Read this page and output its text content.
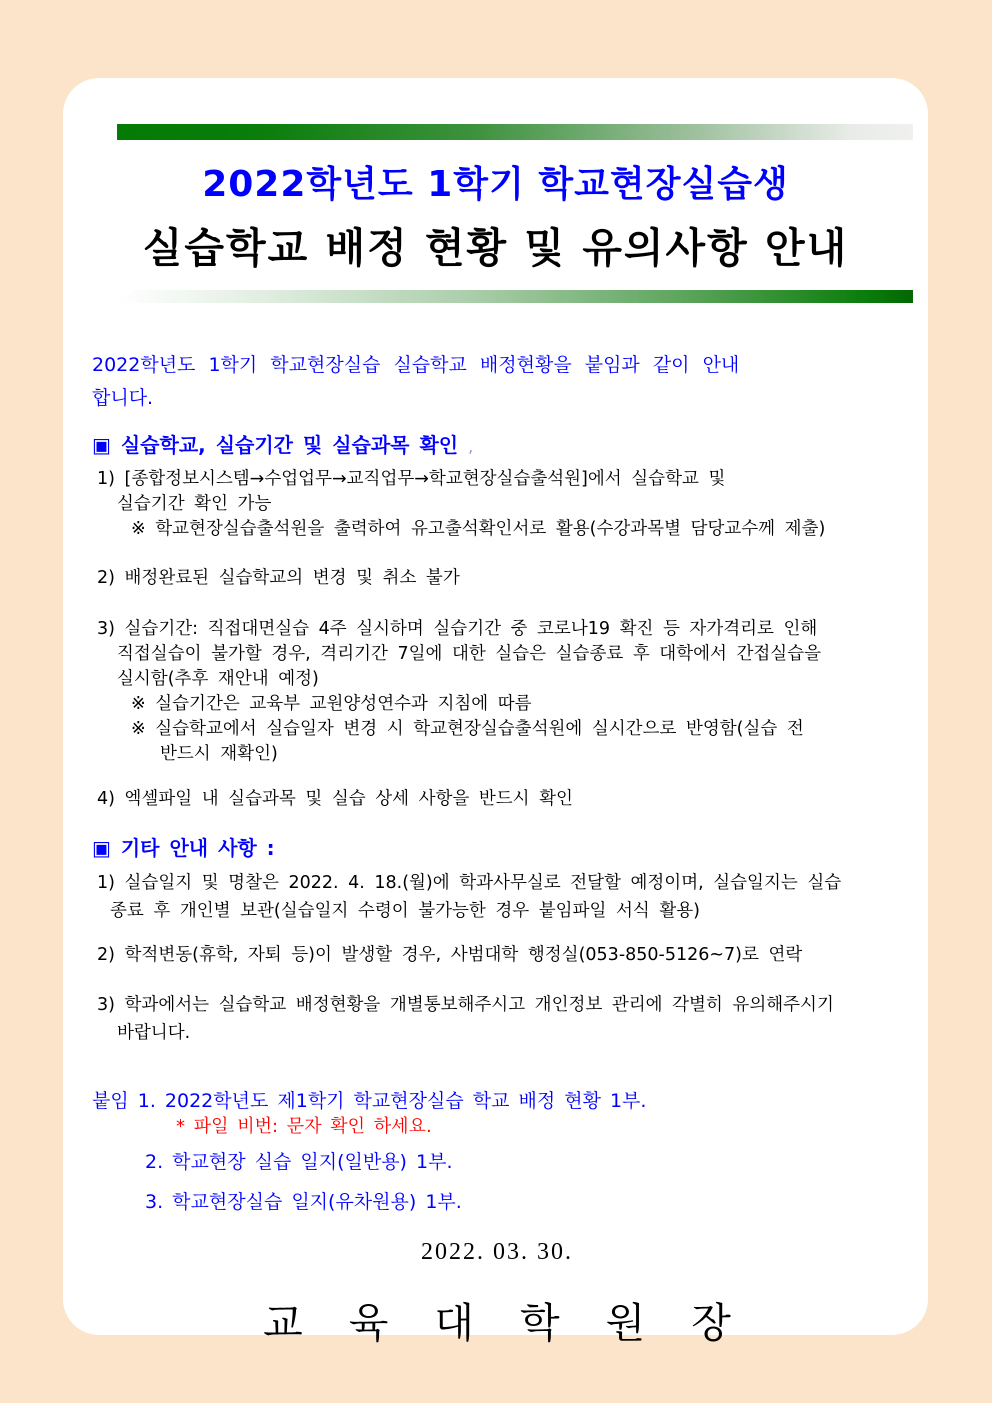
2022학년도 1학기 학교현장실습생
실습학교 배정 현황 및 유의사항 안내
2022학년도 1학기 학교현장실습 실습학교 배정현황을 붙임과 같이 안내
합니다.
▣ 실습학교, 실습기간 및 실습과목 확인 ,
1) [종합정보시스템→수업업무→교직업무→학교현장실습출석원]에서 실습학교 및
실습기간 확인 가능
※ 학교현장실습출석원을 출력하여 유고출석확인서로 활용(수강과목별 담당교수께 제출)
2) 배정완료된 실습학교의 변경 및 취소 불가
3) 실습기간: 직접대면실습 4주 실시하며 실습기간 중 코로나19 확진 등 자가격리로 인해
직접실습이 불가할 경우, 격리기간 7일에 대한 실습은 실습종료 후 대학에서 간접실습을
실시함(추후 재안내 예정)
※ 실습기간은 교육부 교원양성연수과 지침에 따름
※ 실습학교에서 실습일자 변경 시 학교현장실습출석원에 실시간으로 반영함(실습 전
반드시 재확인)
4) 엑셀파일 내 실습과목 및 실습 상세 사항을 반드시 확인
▣ 기타 안내 사항 :
1) 실습일지 및 명찰은 2022. 4. 18.(월)에 학과사무실로 전달할 예정이며, 실습일지는 실습
종료 후 개인별 보관(실습일지 수령이 불가능한 경우 붙임파일 서식 활용)
2) 학적변동(휴학, 자퇴 등)이 발생할 경우, 사범대학 행정실(053-850-5126~7)로 연락
3) 학과에서는 실습학교 배정현황을 개별통보해주시고 개인정보 관리에 각별히 유의해주시기
바랍니다.
붙임 1. 2022학년도 제1학기 학교현장실습 학교 배정 현황 1부.
* 파일 비번: 문자 확인 하세요.
2. 학교현장 실습 일지(일반용) 1부.
3. 학교현장실습 일지(유차원용) 1부.
2022. 03. 30.
교육대학원장
